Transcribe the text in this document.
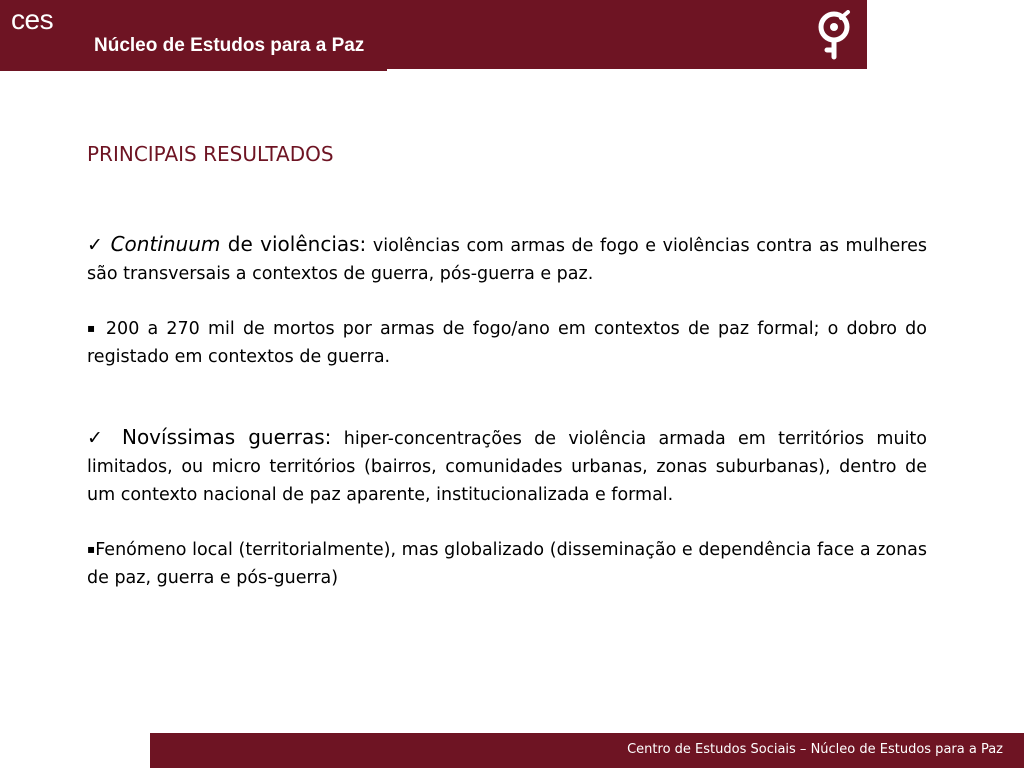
ces
Núcleo de Estudos para a Paz
PRINCIPAIS RESULTADOS

✓ Continuum de violências: violências com armas de fogo e violências contra as mulheres são transversais a contextos de guerra, pós-guerra e paz.

▪ 200 a 270 mil de mortos por armas de fogo/ano em contextos de paz formal; o dobro do registado em contextos de guerra.

✓ Novíssimas guerras: hiper-concentrações de violência armada em territórios muito limitados, ou micro territórios (bairros, comunidades urbanas, zonas suburbanas), dentro de um contexto nacional de paz aparente, institucionalizada e formal.

▪Fenómeno local (territorialmente), mas globalizado (disseminação e dependência face a zonas de paz, guerra e pós-guerra)

Centro de Estudos Sociais – Núcleo de Estudos para a Paz
